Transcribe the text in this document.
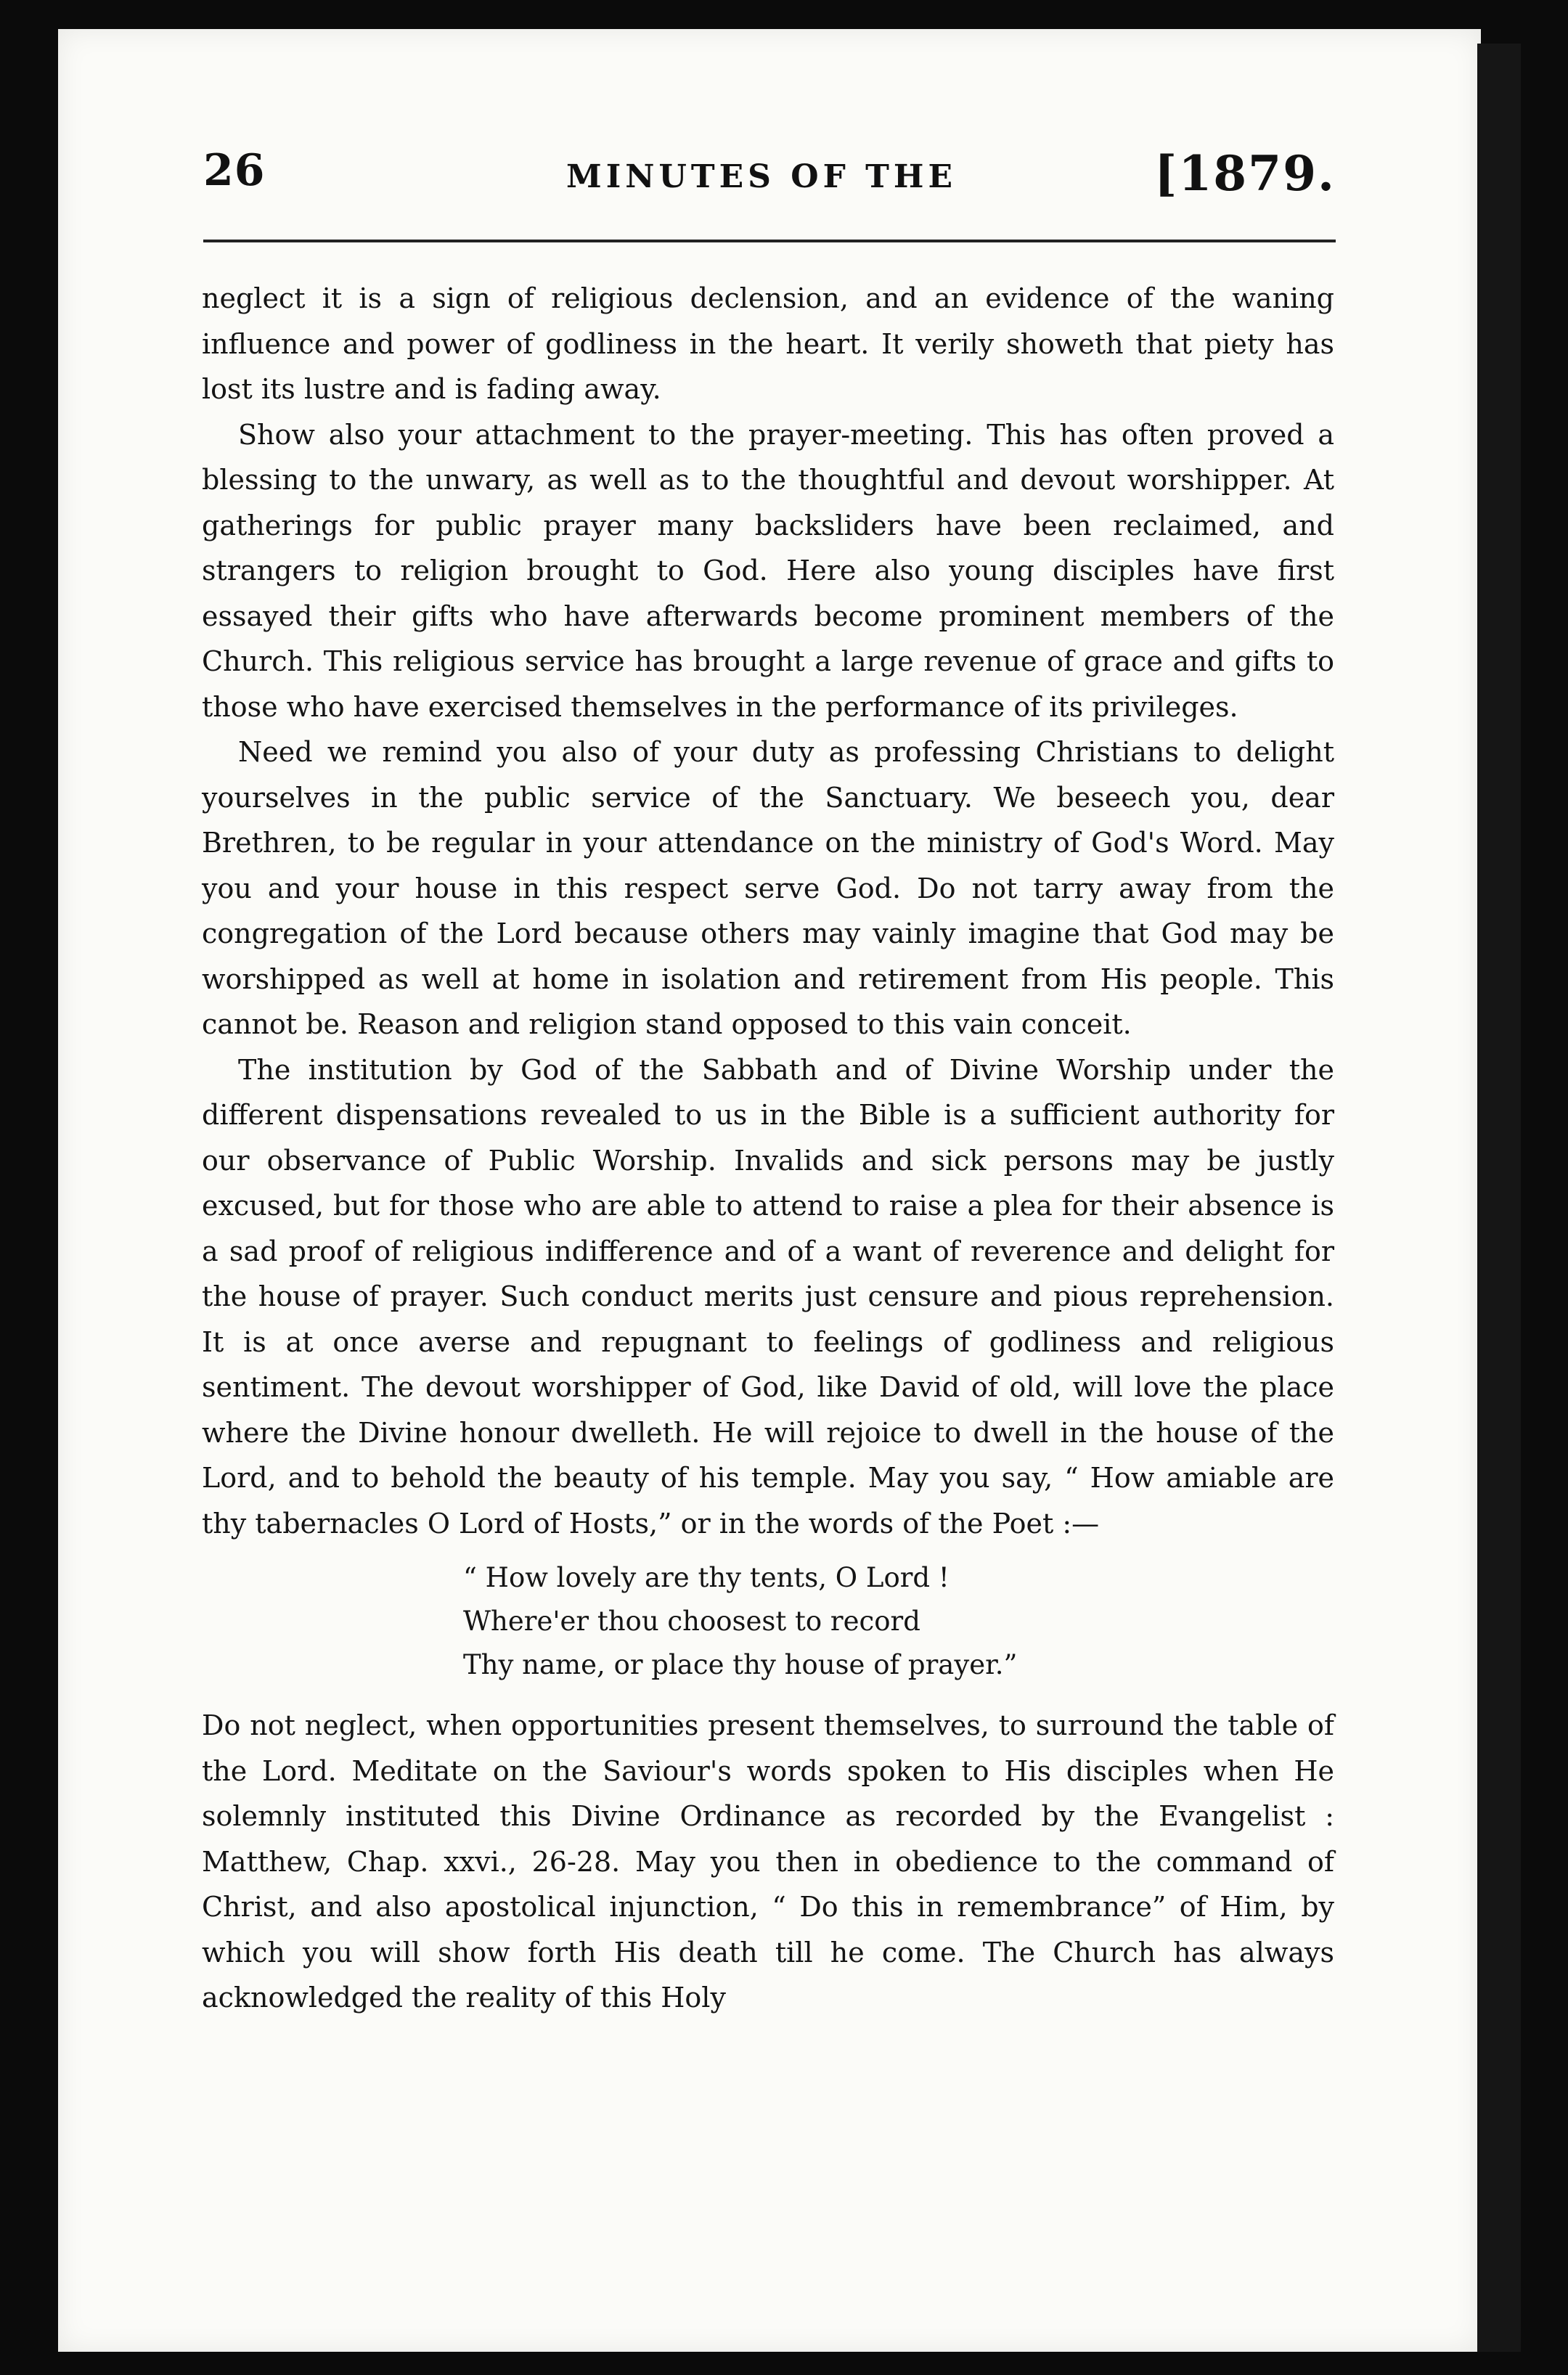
26	MINUTES OF THE	[1879.

neglect it is a sign of religious declension, and an evidence of the waning influence and power of godliness in the heart. It verily showeth that piety has lost its lustre and is fading away.

Show also your attachment to the prayer-meeting. This has often proved a blessing to the unwary, as well as to the thoughtful and devout worshipper. At gatherings for public prayer many backsliders have been reclaimed, and strangers to religion brought to God. Here also young disciples have first essayed their gifts who have afterwards become prominent members of the Church. This religious service has brought a large revenue of grace and gifts to those who have exercised themselves in the performance of its privileges.

Need we remind you also of your duty as professing Christians to delight yourselves in the public service of the Sanctuary. We beseech you, dear Brethren, to be regular in your attendance on the ministry of God's Word. May you and your house in this respect serve God. Do not tarry away from the congregation of the Lord because others may vainly imagine that God may be worshipped as well at home in isolation and retirement from His people. This cannot be. Reason and religion stand opposed to this vain conceit.

The institution by God of the Sabbath and of Divine Worship under the different dispensations revealed to us in the Bible is a sufficient authority for our observance of Public Worship. Invalids and sick persons may be justly excused, but for those who are able to attend to raise a plea for their absence is a sad proof of religious indifference and of a want of reverence and delight for the house of prayer. Such conduct merits just censure and pious reprehension. It is at once averse and repugnant to feelings of godliness and religious sentiment. The devout worshipper of God, like David of old, will love the place where the Divine honour dwelleth. He will rejoice to dwell in the house of the Lord, and to behold the beauty of his temple. May you say, “ How amiable are thy tabernacles O Lord of Hosts,” or in the words of the Poet :—

“ How lovely are thy tents, O Lord !
Where'er thou choosest to record
Thy name, or place thy house of prayer.”

Do not neglect, when opportunities present themselves, to surround the table of the Lord. Meditate on the Saviour's words spoken to His disciples when He solemnly instituted this Divine Ordinance as recorded by the Evangelist : Matthew, Chap. xxvi., 26-28. May you then in obedience to the command of Christ, and also apostolical injunction, “ Do this in remembrance” of Him, by which you will show forth His death till he come. The Church has always acknowledged the reality of this Holy
